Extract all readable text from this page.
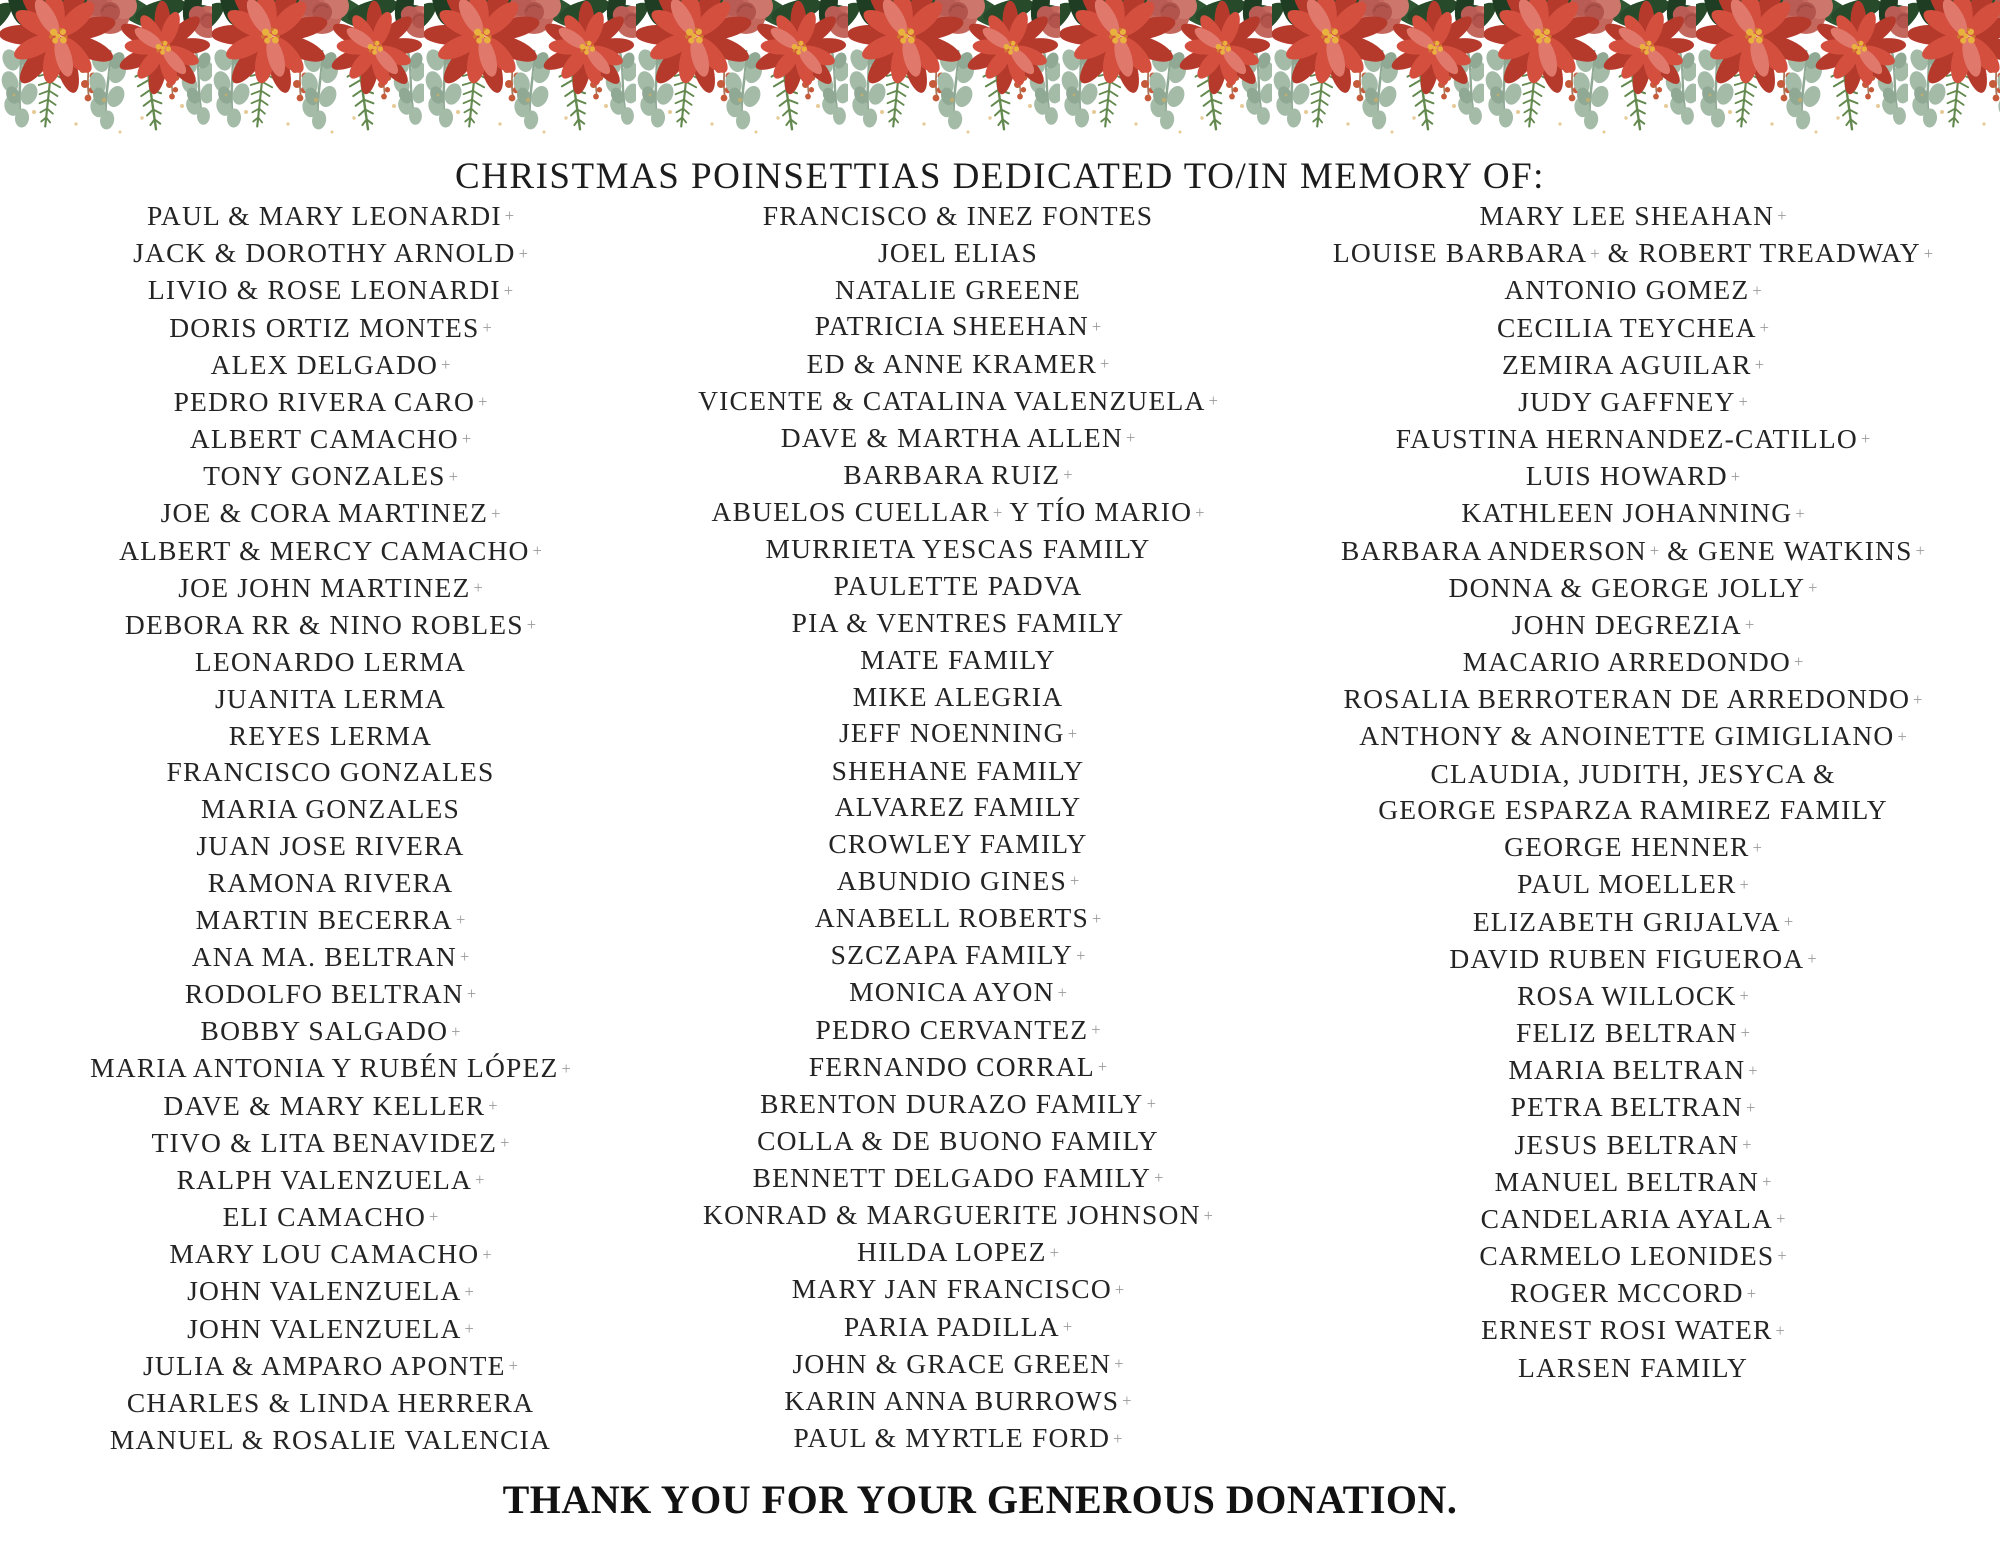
CHRISTMAS POINSETTIAS DEDICATED TO/IN MEMORY OF:
PAUL & MARY LEONARDI +
JACK & DOROTHY ARNOLD +
LIVIO & ROSE LEONARDI +
DORIS ORTIZ MONTES +
ALEX DELGADO +
PEDRO RIVERA CARO +
ALBERT CAMACHO +
TONY GONZALES +
JOE & CORA MARTINEZ +
ALBERT & MERCY CAMACHO +
JOE JOHN MARTINEZ +
DEBORA RR & NINO ROBLES +
LEONARDO LERMA
JUANITA LERMA
REYES LERMA
FRANCISCO GONZALES
MARIA GONZALES
JUAN JOSE RIVERA
RAMONA RIVERA
MARTIN BECERRA +
ANA MA. BELTRAN +
RODOLFO BELTRAN +
BOBBY SALGADO +
MARIA ANTONIA Y RUBÉN LÓPEZ +
DAVE & MARY KELLER +
TIVO & LITA BENAVIDEZ +
RALPH VALENZUELA +
ELI CAMACHO +
MARY LOU CAMACHO +
JOHN VALENZUELA +
JOHN VALENZUELA +
JULIA & AMPARO APONTE +
CHARLES & LINDA HERRERA
MANUEL & ROSALIE VALENCIA
FRANCISCO & INEZ FONTES
JOEL ELIAS
NATALIE GREENE
PATRICIA SHEEHAN +
ED & ANNE KRAMER +
VICENTE & CATALINA VALENZUELA +
DAVE & MARTHA ALLEN +
BARBARA RUIZ +
ABUELOS CUELLAR + Y TÍO MARIO +
MURRIETA YESCAS FAMILY
PAULETTE PADVA
PIA & VENTRES FAMILY
MATE FAMILY
MIKE ALEGRIA
JEFF NOENNING +
SHEHANE FAMILY
ALVAREZ FAMILY
CROWLEY FAMILY
ABUNDIO GINES +
ANABELL ROBERTS +
SZCZAPA FAMILY +
MONICA AYON +
PEDRO CERVANTEZ +
FERNANDO CORRAL +
BRENTON DURAZO FAMILY +
COLLA & DE BUONO FAMILY
BENNETT DELGADO FAMILY +
KONRAD & MARGUERITE JOHNSON +
HILDA LOPEZ +
MARY JAN FRANCISCO +
PARIA PADILLA +
JOHN & GRACE GREEN +
KARIN ANNA BURROWS +
PAUL & MYRTLE FORD +
MARY LEE SHEAHAN +
LOUISE BARBARA + & ROBERT TREADWAY +
ANTONIO GOMEZ +
CECILIA TEYCHEA +
ZEMIRA AGUILAR +
JUDY GAFFNEY +
FAUSTINA HERNANDEZ-CATILLO +
LUIS HOWARD +
KATHLEEN JOHANNING +
BARBARA ANDERSON + & GENE WATKINS +
DONNA & GEORGE JOLLY +
JOHN DEGREZIA +
MACARIO ARREDONDO +
ROSALIA BERROTERAN DE ARREDONDO +
ANTHONY & ANOINETTE GIMIGLIANO +
CLAUDIA, JUDITH, JESYCA &
GEORGE ESPARZA RAMIREZ FAMILY
GEORGE HENNER +
PAUL MOELLER +
ELIZABETH GRIJALVA +
DAVID RUBEN FIGUEROA +
ROSA WILLOCK +
FELIZ BELTRAN +
MARIA BELTRAN +
PETRA BELTRAN +
JESUS BELTRAN +
MANUEL BELTRAN +
CANDELARIA AYALA +
CARMELO LEONIDES +
ROGER MCCORD +
ERNEST ROSI WATER +
LARSEN FAMILY
THANK YOU FOR YOUR GENEROUS DONATION.
